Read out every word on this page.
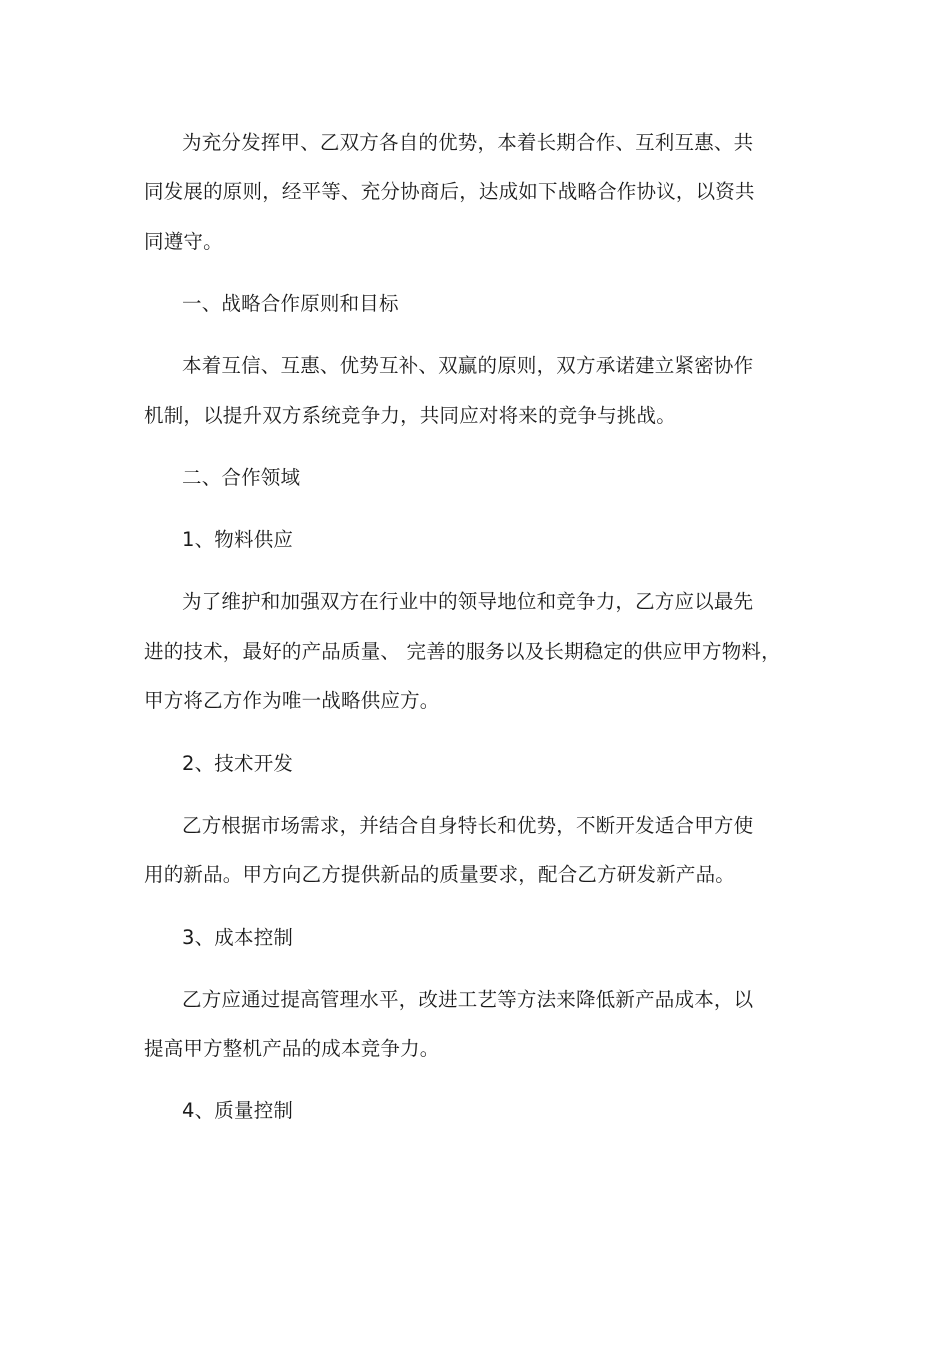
为充分发挥甲、乙双方各自的优势，本着长期合作、互利互惠、共
同发展的原则，经平等、充分协商后，达成如下战略合作协议，以资共
同遵守。
一、战略合作原则和目标
本着互信、互惠、优势互补、双赢的原则，双方承诺建立紧密协作
机制，以提升双方系统竞争力，共同应对将来的竞争与挑战。
二、合作领域
1、物料供应
为了维护和加强双方在行业中的领导地位和竞争力，乙方应以最先
进的技术，最好的产品质量、 完善的服务以及长期稳定的供应甲方物料，
甲方将乙方作为唯一战略供应方。
2、技术开发
乙方根据市场需求，并结合自身特长和优势，不断开发适合甲方使
用的新品。甲方向乙方提供新品的质量要求，配合乙方研发新产品。
3、成本控制
乙方应通过提高管理水平，改进工艺等方法来降低新产品成本，以
提高甲方整机产品的成本竞争力。
4、质量控制
